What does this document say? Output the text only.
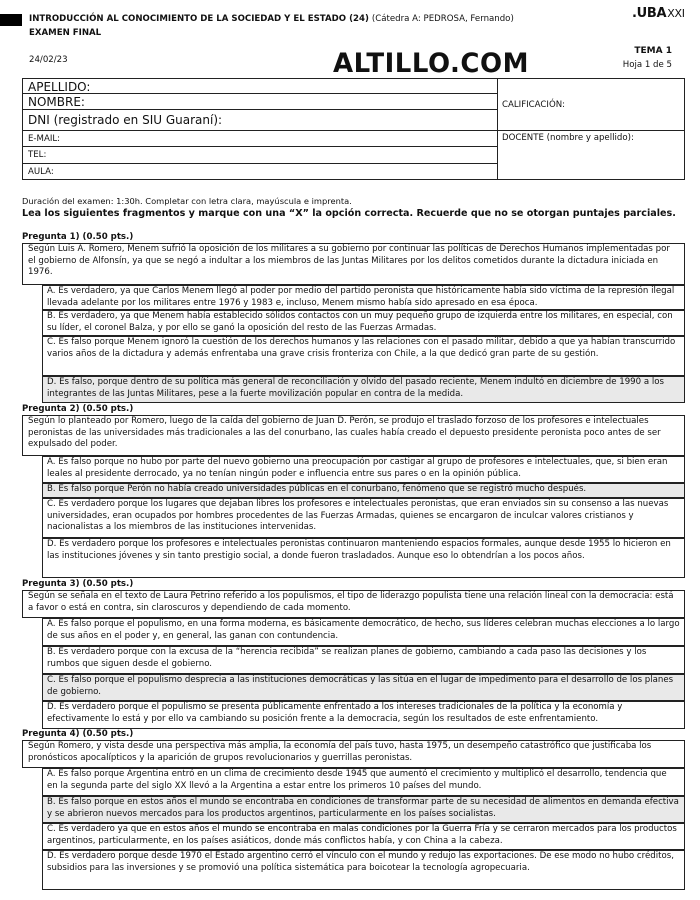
INTRODUCCIÓN AL CONOCIMIENTO DE LA SOCIEDAD Y EL ESTADO (24) (Cátedra A: PEDROSA, Fernando)
EXAMEN FINAL
.UBAXXI
24/02/23	ALTILLO.COM	TEMA 1
Hoja 1 de 5
APELLIDO:
NOMBRE:
DNI (registrado en SIU Guaraní):
E-MAIL:
TEL:
AULA:
CALIFICACIÓN:
DOCENTE (nombre y apellido):
Duración del examen: 1:30h. Completar con letra clara, mayúscula e imprenta.
Lea los siguientes fragmentos y marque con una “X” la opción correcta. Recuerde que no se otorgan puntajes parciales.
Pregunta 1) (0.50 pts.)
Según Luis A. Romero, Menem sufrió la oposición de los militares a su gobierno por continuar las políticas de Derechos Humanos implementadas por el gobierno de Alfonsín, ya que se negó a indultar a los miembros de las Juntas Militares por los delitos cometidos durante la dictadura iniciada en 1976.
A. Es verdadero, ya que Carlos Menem llegó al poder por medio del partido peronista que históricamente había sido víctima de la represión ilegal llevada adelante por los militares entre 1976 y 1983 e, incluso, Menem mismo había sido apresado en esa época.
B. Es verdadero, ya que Menem había establecido sólidos contactos con un muy pequeño grupo de izquierda entre los militares, en especial, con su líder, el coronel Balza, y por ello se ganó la oposición del resto de las Fuerzas Armadas.
C. Es falso porque Menem ignoró la cuestión de los derechos humanos y las relaciones con el pasado militar, debido a que ya habían transcurrido varios años de la dictadura y además enfrentaba una grave crisis fronteriza con Chile, a la que dedicó gran parte de su gestión.
D. Es falso, porque dentro de su política más general de reconciliación y olvido del pasado reciente, Menem indultó en diciembre de 1990 a los integrantes de las Juntas Militares, pese a la fuerte movilización popular en contra de la medida.
Pregunta 2) (0.50 pts.)
Según lo planteado por Romero, luego de la caída del gobierno de Juan D. Perón, se produjo el traslado forzoso de los profesores e intelectuales peronistas de las universidades más tradicionales a las del conurbano, las cuales había creado el depuesto presidente peronista poco antes de ser expulsado del poder.
A. Es falso porque no hubo por parte del nuevo gobierno una preocupación por castigar al grupo de profesores e intelectuales, que, si bien eran leales al presidente derrocado, ya no tenían ningún poder e influencia entre sus pares o en la opinión pública.
B. Es falso porque Perón no había creado universidades públicas en el conurbano, fenómeno que se registró mucho después.
C. Es verdadero porque los lugares que dejaban libres los profesores e intelectuales peronistas, que eran enviados sin su consenso a las nuevas universidades, eran ocupados por hombres procedentes de las Fuerzas Armadas, quienes se encargaron de inculcar valores cristianos y nacionalistas a los miembros de las instituciones intervenidas.
D. Es verdadero porque los profesores e intelectuales peronistas continuaron manteniendo espacios formales, aunque desde 1955 lo hicieron en las instituciones jóvenes y sin tanto prestigio social, a donde fueron trasladados. Aunque eso lo obtendrían a los pocos años.
Pregunta 3) (0.50 pts.)
Según se señala en el texto de Laura Petrino referido a los populismos, el tipo de liderazgo populista tiene una relación lineal con la democracia: está a favor o está en contra, sin claroscuros y dependiendo de cada momento.
A. Es falso porque el populismo, en una forma moderna, es básicamente democrático, de hecho, sus líderes celebran muchas elecciones a lo largo de sus años en el poder y, en general, las ganan con contundencia.
B. Es verdadero porque con la excusa de la “herencia recibida” se realizan planes de gobierno, cambiando a cada paso las decisiones y los rumbos que siguen desde el gobierno.
C. Es falso porque el populismo desprecia a las instituciones democráticas y las sitúa en el lugar de impedimento para el desarrollo de los planes de gobierno.
D. Es verdadero porque el populismo se presenta públicamente enfrentado a los intereses tradicionales de la política y la economía y efectivamente lo está y por ello va cambiando su posición frente a la democracia, según los resultados de este enfrentamiento.
Pregunta 4) (0.50 pts.)
Según Romero, y vista desde una perspectiva más amplia, la economía del país tuvo, hasta 1975, un desempeño catastrófico que justificaba los pronósticos apocalípticos y la aparición de grupos revolucionarios y guerrillas peronistas.
A. Es falso porque Argentina entró en un clima de crecimiento desde 1945 que aumentó el crecimiento y multiplicó el desarrollo, tendencia que en la segunda parte del siglo XX llevó a la Argentina a estar entre los primeros 10 países del mundo.
B. Es falso porque en estos años el mundo se encontraba en condiciones de transformar parte de su necesidad de alimentos en demanda efectiva y se abrieron nuevos mercados para los productos argentinos, particularmente en los países socialistas.
C. Es verdadero ya que en estos años el mundo se encontraba en malas condiciones por la Guerra Fría y se cerraron mercados para los productos argentinos, particularmente, en los países asiáticos, donde más conflictos había, y con China a la cabeza.
D. Es verdadero porque desde 1970 el Estado argentino cerró el vínculo con el mundo y redujo las exportaciones. De ese modo no hubo créditos, subsidios para las inversiones y se promovió una política sistemática para boicotear la tecnología agropecuaria.
